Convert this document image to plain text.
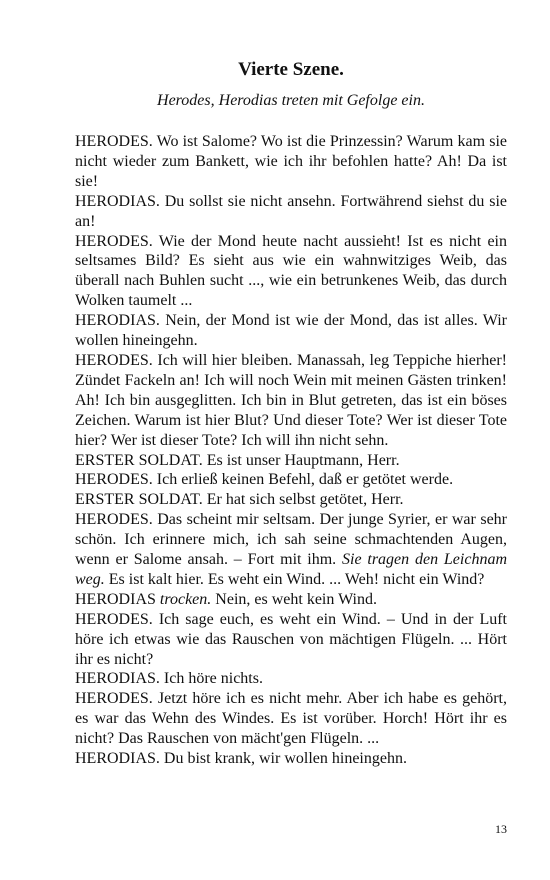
Vierte Szene.

Herodes, Herodias treten mit Gefolge ein.

HERODES. Wo ist Salome? Wo ist die Prinzessin? Warum kam sie nicht wieder zum Bankett, wie ich ihr befohlen hatte? Ah! Da ist sie!

HERODIAS. Du sollst sie nicht ansehn. Fortwährend siehst du sie an!

HERODES. Wie der Mond heute nacht aussieht! Ist es nicht ein seltsames Bild? Es sieht aus wie ein wahnwitziges Weib, das überall nach Buhlen sucht ..., wie ein betrunkenes Weib, das durch Wolken taumelt ...

HERODIAS. Nein, der Mond ist wie der Mond, das ist alles. Wir wollen hineingehn.

HERODES. Ich will hier bleiben. Manassah, leg Teppiche hierher! Zündet Fackeln an! Ich will noch Wein mit meinen Gästen trinken! Ah! Ich bin ausgeglitten. Ich bin in Blut getreten, das ist ein böses Zeichen. Warum ist hier Blut? Und dieser Tote? Wer ist dieser Tote hier? Wer ist dieser Tote? Ich will ihn nicht sehn.

ERSTER SOLDAT. Es ist unser Hauptmann, Herr.

HERODES. Ich erließ keinen Befehl, daß er getötet werde.

ERSTER SOLDAT. Er hat sich selbst getötet, Herr.

HERODES. Das scheint mir seltsam. Der junge Syrier, er war sehr schön. Ich erinnere mich, ich sah seine schmachtenden Augen, wenn er Salome ansah. – Fort mit ihm. Sie tragen den Leichnam weg. Es ist kalt hier. Es weht ein Wind. ... Weh! nicht ein Wind?

HERODIAS trocken. Nein, es weht kein Wind.

HERODES. Ich sage euch, es weht ein Wind. – Und in der Luft höre ich etwas wie das Rauschen von mächtigen Flügeln. ... Hört ihr es nicht?

HERODIAS. Ich höre nichts.

HERODES. Jetzt höre ich es nicht mehr. Aber ich habe es gehört, es war das Wehn des Windes. Es ist vorüber. Horch! Hört ihr es nicht? Das Rauschen von mächt'gen Flügeln. ...

HERODIAS. Du bist krank, wir wollen hineingehn.

13
